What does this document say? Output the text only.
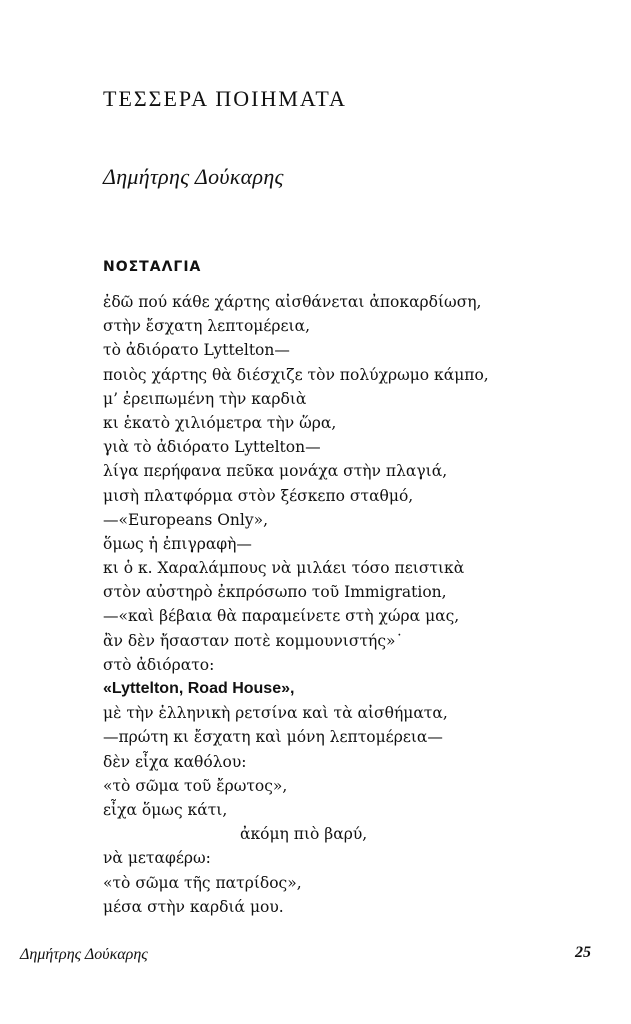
ΤΕΣΣΕΡΑ ΠΟΙΗΜΑΤΑ
Δημήτρης Δούκαρης
ΝΟΣΤΑΛΓΙΑ
ἐδῶ πού κάθε χάρτης αἰσθάνεται ἀποκαρδίωση,
στὴν ἔσχατη λεπτομέρεια,
τὸ ἀδιόρατο Lyttelton—
ποιὸς χάρτης θὰ διέσχιζε τὸν πολύχρωμο κάμπο,
μ’ ἐρειπωμένη τὴν καρδιὰ
κι ἑκατὸ χιλιόμετρα τὴν ὥρα,
γιὰ τὸ ἀδιόρατο Lyttelton—
λίγα περήφανα πεῦκα μονάχα στὴν πλαγιά,
μισὴ πλατφόρμα στὸν ξέσκεπο σταθμό,
—«Europeans Only»,
ὅμως ἡ ἐπιγραφὴ—
κι ὁ κ. Χαραλάμπους νὰ μιλάει τόσο πειστικὰ
στὸν αὐστηρὸ ἐκπρόσωπο τοῦ Immigration,
—«καὶ βέβαια θὰ παραμείνετε στὴ χώρα μας,
ἂν δὲν ἤσασταν ποτὲ κομμουνιστής»˙
στὸ ἀδιόρατο:
«Lyttelton, Road House»,
μὲ τὴν ἑλληνικὴ ρετσίνα καὶ τὰ αἰσθήματα,
—πρώτη κι ἔσχατη καὶ μόνη λεπτομέρεια—
δὲν εἶχα καθόλου:
«τὸ σῶμα τοῦ ἔρωτος»,
εἶχα ὅμως κάτι,
ἀκόμη πιὸ βαρύ,
νὰ μεταφέρω:
«τὸ σῶμα τῆς πατρίδος»,
μέσα στὴν καρδιά μου.
Δημήτρης Δούκαρης	25
